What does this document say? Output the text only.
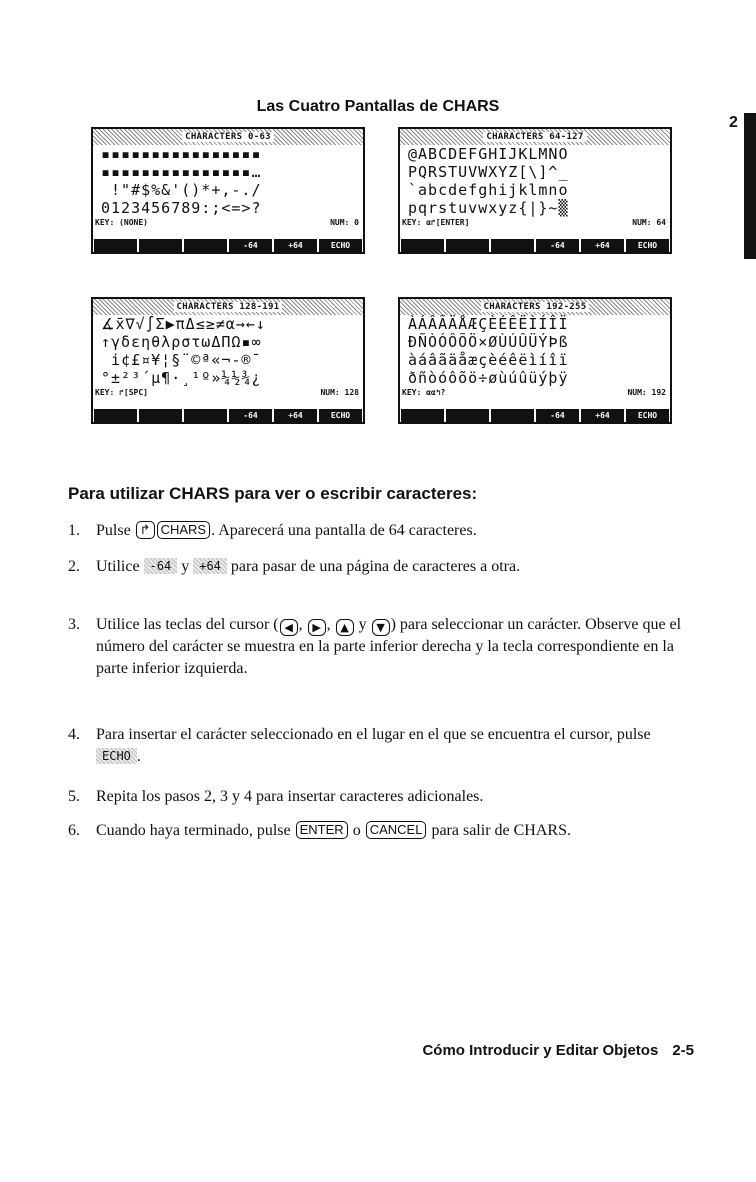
2
Las Cuatro Pantallas de CHARS
CHARACTERS 0-63
▪▪▪▪▪▪▪▪▪▪▪▪▪▪▪▪
▪▪▪▪▪▪▪▪▪▪▪▪▪▪▪…
!"#$%&'()*+,-./
0123456789:;<=>?
KEY: (NONE)	NUM: 0
-64	+64	ECHO
CHARACTERS 64-127
@ABCDEFGHIJKLMNO
PQRSTUVWXYZ[\]^_
`abcdefghijklmno
pqrstuvwxyz{|}~▒
KEY: α↱[ENTER]	NUM: 64
-64	+64	ECHO
CHARACTERS 128-191
∡x̄∇√∫Σ▶πΔ≤≥≠α→←↓
↑γδεηθλρστωΔΠΩ▪∞
i¢£¤¥¦§¨©ª«¬-®¯
°±²³´µ¶·¸¹º»¼½¾¿
KEY: ↱[SPC]	NUM: 128
-64	+64	ECHO
CHARACTERS 192-255
ÀÁÂÃÄÅÆÇÈÉÊËÌÍÎÏ
ÐÑÒÓÔÕÖ×ØÙÚÛÜÝÞß
àáâãäåæçèéêëìíîï
ðñòóôõö÷øùúûüýþÿ
KEY: αα↰?	NUM: 192
-64	+64	ECHO
Para utilizar CHARS para ver o escribir caracteres:
1. Pulse ↱ CHARS . Aparecerá una pantalla de 64 caracteres.
2. Utilice -64 y +64 para pasar de una página de caracteres a otra.
3. Utilice las teclas del cursor ( ◀ , ▶ , ▲ y ▼ ) para seleccionar un carácter. Observe que el número del carácter se muestra en la parte inferior derecha y la tecla correspondiente en la parte inferior izquierda.
4. Para insertar el carácter seleccionado en el lugar en el que se encuentra el cursor, pulse ECHO .
5. Repita los pasos 2, 3 y 4 para insertar caracteres adicionales.
6. Cuando haya terminado, pulse ENTER o CANCEL para salir de CHARS.
Cómo Introducir y Editar Objetos 2-5
